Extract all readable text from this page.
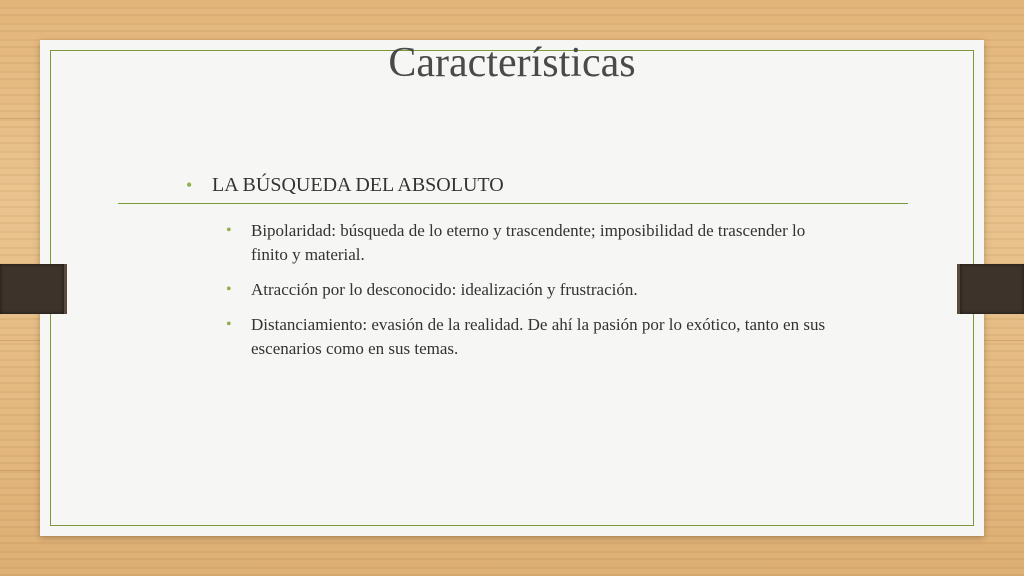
Características
• LA BÚSQUEDA DEL ABSOLUTO
•	Bipolaridad: búsqueda de lo eterno y trascendente; imposibilidad de trascender lo finito y material.
•	Atracción por lo desconocido: idealización y frustración.
•	Distanciamiento: evasión de la realidad. De ahí la pasión por lo exótico, tanto en sus escenarios como en sus temas.
